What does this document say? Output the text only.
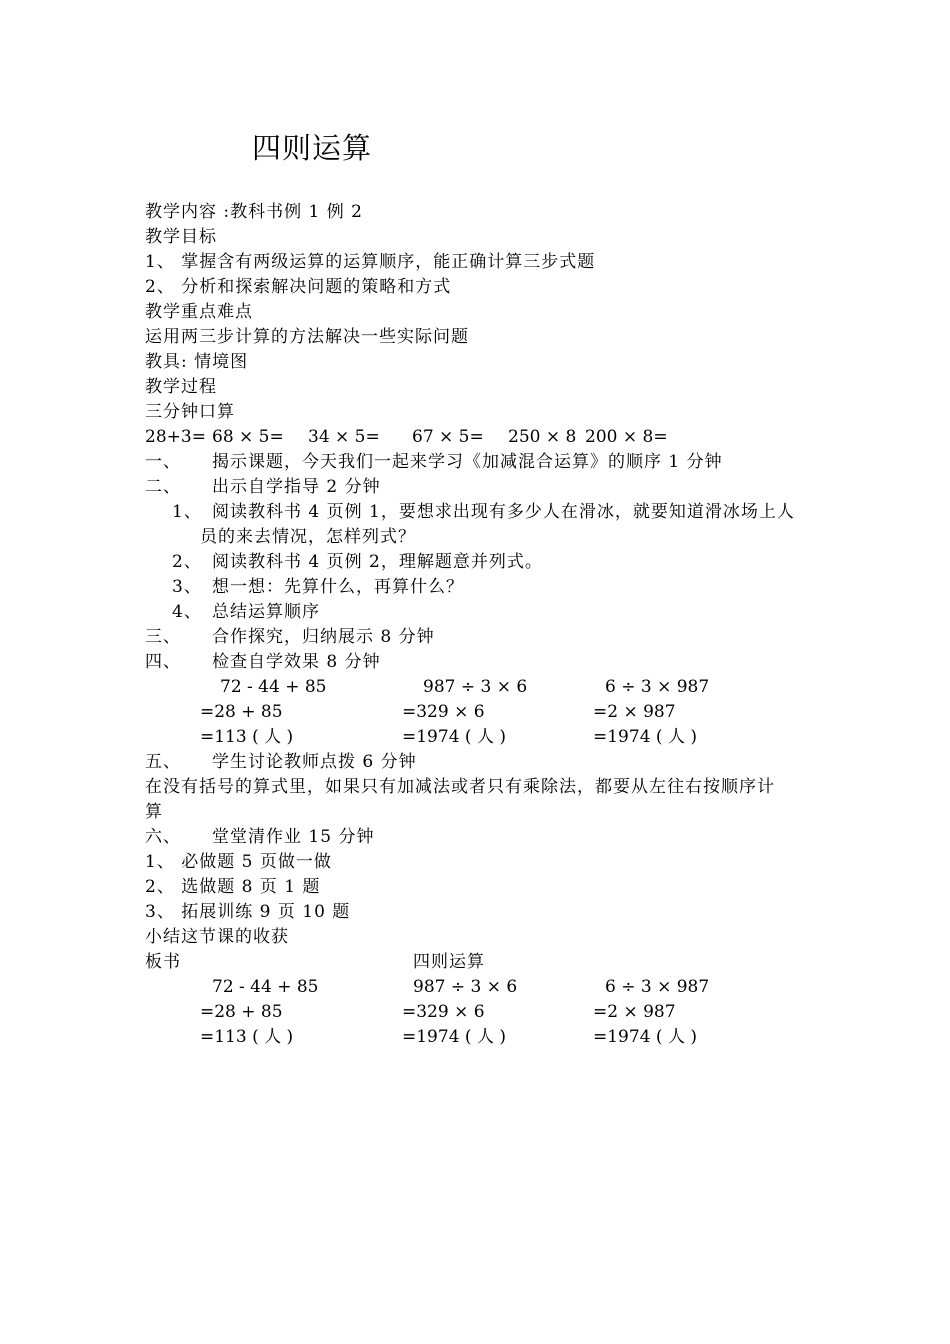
四则运算
教学内容 :教科书例 1 例 2
教学目标
1、 掌握含有两级运算的运算顺序，能正确计算三步式题
2、 分析和探索解决问题的策略和方式
教学重点难点
运用两三步计算的方法解决一些实际问题
教具: 情境图
教学过程
三分钟口算
28+3= 68 × 5= 34 × 5= 67 × 5= 250 × 8 200 × 8=
一、 揭示课题，今天我们一起来学习《加减混合运算》的顺序 1 分钟
二、 出示自学指导 2 分钟
1、 阅读教科书 4 页例 1，要想求出现有多少人在滑冰，就要知道滑冰场上人
员的来去情况，怎样列式？
2、 阅读教科书 4 页例 2，理解题意并列式。
3、 想一想：先算什么，再算什么？
4、 总结运算顺序
三、 合作探究，归纳展示 8 分钟
四、 检查自学效果 8 分钟
72 - 44 + 85
=28 + 85
=113 ( 人 )
987 ÷ 3 × 6
=329 × 6
=1974 ( 人 )
6 ÷ 3 × 987
=2 × 987
=1974 ( 人 )
五、 学生讨论教师点拨 6 分钟
在没有括号的算式里，如果只有加减法或者只有乘除法，都要从左往右按顺序计
算
六、 堂堂清作业 15 分钟
1、 必做题 5 页做一做
2、 选做题 8 页 1 题
3、 拓展训练 9 页 10 题
小结这节课的收获
板书	四则运算
72 - 44 + 85
=28 + 85
=113 ( 人 )
987 ÷ 3 × 6
=329 × 6
=1974 ( 人 )
6 ÷ 3 × 987
=2 × 987
=1974 ( 人 )
